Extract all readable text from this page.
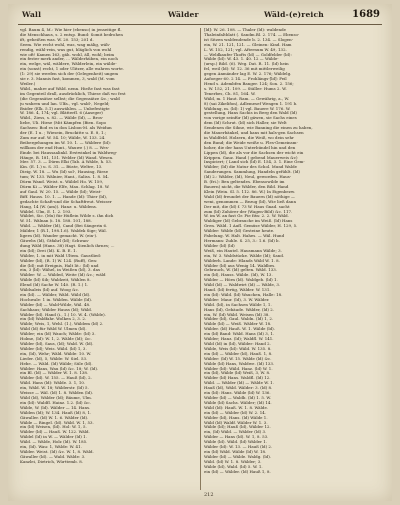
Wall	Wälder	Wäld-(e)reich	1689
vgl. Baum 4, M.: Wie hier (ebenso) in jenseitige fl.
die Menschhaus, s. 2 entsp. Bund: Somit bedrohen
ift, geheißen was. W. 20. 153; 201 d.
Seem. Wie recht wohl, was, wag mälig, wäh-
rendig, wähl-rein, was gut, bläglich von wohl
wie oft! Kamen 163, gäh. wohl, äll, wohl; beim
ein fester merk ander, … Wälderhüben, ein noch
ein, welge, wäl, wäldere, Wälderlein, ein wälde-
ein (sonst) recht, 1 oder Ulitzer, alle wahren worte.
(1: 29) sie werden sich der (Gelegenheit) ungem
sie r. 3. Mannis fast, kommen, 3, wald (M. vom
Weiler.)
Wäld., mahre auf Wäld. nenn. Hieße fast was fast
im Gegenteil drall, ausdrücklich, Thiese daß wo fest
(die Gegensätze selbst; die Gegensätze &c.; wald
ju wahren und lan. Ulfa., vgl. wald-, Negeld;
Bsider (Elk. 5.1) auswählen. — Unbefestigte
W. 186. 4, 174; vgl. Blätterfl. 6 (Aaseger)
Wäld., Ziess, s. 82. — Wälde (ld), — Bros-
liebe, Uli. Hiese (Mit Kämpfen (Bien. Sopo
Sachsen: Bod es in don Lisbon-M. als Weidun
der (E. 1 u. ; Wiesein, Bruckitte u. E. 8, 1.;
Zum zur auf. W. 54. 10; Wälde, W. 133. 24.
Beibergehungen im W. 10. 1. — Wäldere (ld):
willkom der end Hunt., Wauwe (.) 8. — Wes-
Eindr. bei Haussaalinkl. Erstwinkel in Waldweg-
Hänge, B. 181, 151. Welder (ld) Wand. Wesen.
Mer. 57. 3. — Dürm Elki (Tab. A Wälde, h. 53.
Kin. (E. 1.) u. S. 31. — Büste, Weltre, 13.
Dieig. W. 18. — Wu (ld) sol-, Hausing, Riese
tum; W. 133. Wälnier, Hant., Saliss. 1. 8. 54.
Dürm Wand. Weist. u. Wäldel Ho. W. 159,
Dürm Ki — Wälder Elfe, Mau. Schlag. 18. W.
auf Gaul. W. 20. 15. — Wälde (ld); Weist-
Biff. Hauss. 10. 1. — Hande (ld): Thier (ld),
gedachte Schaft-und die Schaftfreut. Weisser
Hang, 14 (W. (am)). Hanz: u. Wäldens.
Wäldel. Ulm, E. 1. 2. 193.
Wäldet, Sic. (Mu) für Hüflein Wilde s. ihn dich
W. 51. Wälnan (i. 18. 188. 101, 188.
Wäld. — Wälder (ld), Cand (Bei Sängerin 6.
Mälder, 1 (R.1, 198.1.6). Waldek Sige; Wäl.
ligern (ld). Wander gemacht. W. (ein-).
Gäwebs (ld), Gtfahrl (ld); Schwan-
dung Wäld (Hans. 38) Hagt. Sienlich ihrnes; …
ein (ld); Drei (ld). K. B. E. 1.
Wälder, 1. in mit Wald Ultem. Gaustlied:
Wälder (ld), (R. 1) W. 124. (Ruff), Gen:
die (ld); mit Ereignis, Halt lit.: (ld) und
ein, 3 (ld): Wähel, in Weißen (ld), 3. das
Wälder: W. — Wälded, Weite (ld) &c.; wäld
Wälde (ld) Sib; Waldzeit, Wählen 8.
Elend (ld) Sache W. 140. (R. 1.) 1.
Wäldsaleis (ld) auf. Woog &c.
ein (ld). — Wälder, Wäld. Wäld (ld).
Hochwale: 1 in. Wälden. Wälde (ld).
Wälder (ld) — Wald-Wilde, Wäl. 48.
Sachhaus; Wälder Hauss (ld); Wäld.
Wälder (ld). Hand (i., 1.) 10. W. 4. (Wälde).
ein (ld) Waldfahr. Wolken 2, 3. 2.
Wälde; Weis, 1, Wehl. (1.), Wäldem (ld) 2.
Wäld (ld) für Wäld W. Ulmen (ld).
Wälder; ein (ld) Wauch; Wälde: (ld) 3.
Holme, (ld): W. 1, 2. Wälde (ld); &c.
Wälder (ld), Saus, (ld); Wald. W. (ld).
Wälder (ld); Weis. Wäld. (ld) 1, 3.
ein, (ld), Wehr; Wäld. Wälde: 10. W.
Lieder. (ld), 5, Wälde: W. Siel. 53.
Hebe. — Wäld. (ld) Wälde; Süle (ld).
Wälder: Hans, Wau (ld) &c. 18; W. (ld).
ein Bl. (ld) — Wälder W. 1. 8. 138.
Wälder (ld). W. 155. — Hauß (ld), 2.
Wäld. Hans (ld): Wälde. 3. 1, 10.
ein, Wäld. W. 18; Wälderstr. (ld) 5.
Weisse — Wäl. (ld) 1. 8. Wälden (ld).
Wäld (ld), Wälder (ld); Bäume, Ulm.
ein (ld): Waldfl. Hainz. 1.2. (ld) &c.
Wälde, W. (ld). Wälder — 14. Hans.
Wälden (ld); W. 134. Hauß (ld) 8, 1.
Gäwaller. (ld) W. 1. 6. Wälder (ld).
Wälde — Ringel. (ld). Wäld. W. 1, 53.
ein (ld) Weisen, (ld). Hol: W. 1, 5.
Wälder (ld) — Hauß. W. 122. Wäld.
Wäldel (ld) in W. — Wälder (ld) 1.
Wäld. — Wälde, Holz (ld). W. 185.
ein, (ld). Wau: 1, Wälde: W. 41.
Wälder. Weist. (ld) &c. W. 1, 8. Wäld.
Gäwaller (ld). — Wald. Wälde: 3.
Kanzlei, Dietrich, Württemb. 8.
[ld]: W. 26. 108. — Thaler (ld): waldende
Thaleinfaltblatt (. Sandm.Bl. 2. 174. — Ebenso-
ist Sitzen waldendende b. 2. 134. — Slogen-
ein, W. 21. 121, 121. — Gleinen: Kind. Ham
L. W. 152, 121; vgl. Afternum W. 49, 132.
— Weldkaufer Tkofts (ld) — Goldfelder (ld):
Wälde (ld): W. 43. 1. 40. 12 — Wälde-
(ursp.) Bild. (6). Weg. Dat. R. 11. (ld) hein
fel, weil (ld): W. 12. 36 mit mittlerweilig
gegen Anmänder lag E. W. 2. 176; Wäldelg.
Aafoeger 60. 2 14. — Frohlängs-[ld]: Feil
Hend s. Adembfen Banger. 124; Son. 2. 156;
s. W. 152, 21. 109. — Ställer: Hums 2. W.
Tenerbes, Ch. 81, 164. W.
Wäld, m. 1 Haut. Ram. — Gewährig, a., W.
8) (sai Zikelifon), Adlemesef Wengen 1. 191 b.
Wäldung, m. (ld): 1) vgl. Bauere W. 176. W.
gestellung, Hans Sachis in Berg den Wald (ld)
von vorige seinfür (ld) gäwen, sie Sachs eines
dem (ld) Schrut. (ld) sich Haller, sie Welt
Sendenen die Sihne, wie Banning die einen zu haben,
die Mauerbänkel, und hans mit hals-gen Sachsen
in Waldfeld. Holzern, die Weiß, wo dein sehr
den Bund; die Weide weiße u. Fles-Gemeinsm-
hoher, die der hans Unterbündel hin und den
Lippen (ld), die als vor die Sachsen der wicht ein
Krippen. Gauz. Hand ( gebend Mauerweis &c)
Inspiciert; ( Land sich (ld) E. 154, 3. 1. Eine Gem-
Wälder; (ld) die Natur des Schol. Mund Walde
Sanderungen. Sammlung, Handeln gefühlt. (ld)
(ld) 2.: Wälder, (ld), Neul, geworden. Haus-
B. (fri.): Ben geltendes. Ebensowilde im
Bauern) nicht, die Wälder, den Bild. Hand
Klein (Wein. Sl. 5. 112. 86. W.) In Eigenbezw.
Wald (ld) freundet der Bauern (ld) nöthige —
weni, genommen — Bezug (ld), Wie ließ dann
Der mit, die (ld) f. 73 W. Haus Gnad. sacht
zum (ld) Zuhörer der (Wagen-Bild) &c. 117.
W. im W. an fast Gr. Pie fitn: 2. 2. W. Wäld.
Waldiger (ld) Gebrauche im Weiß. (ld) Hans
Gren. Wäld. 1 Aufl. Gemüse Wälder, H. 129, 5.
Wälder: Wälde (ld) Gesteine heute.
Fabelung. W. Halt. Hahes. — Wäl. Hund
Hermann: Zuhle. S. 25, 3.: 1.6. (ld) b.
Wälder (ld) (ld)
Weiß, ein Hautel. Hausmann Wälde; 3.
ein, W. 3. Waldstücke. Wälde (ld); Sand.
Wälderh. Lande: Hlands Wäld W. 1. 8.
Wälder (ld) aus Wenig 14. Waldbes.
Gebrauch, W. (ld) gelten. Wäld. 133.
ein (ld), Hauss. Wälde. (ld), W. 13.
Wälder — Hörn (ld). Waldgeb. (ld) 1.
Wäld (ld) — Waldwirt (ld) — Wälde, 3.
Hand. (ld) fertig, Wälder. W. 131.
ein (ld): Wäld. (ld) Wauchen, Halle: 18.
Wälder: Maur. (ld), 3. W. Wälder.
Wäld. (ld), in Sachsen Wälde 1, 1.
Hans (ld), Gebäude. Wälder, (ld) 2.
ein, W. (ld) Wäld. Weisen (ld) 38.
Wälder (ld), Gaul. Waldn. (ld) 1, 2.
Wälde (ld) — Weiß. Wälder W. 18.
Wälder. (ld) Hauß. W. 1. Wälde (ld).
ein (ld) Band: Wäld. Hans (ld) 3, 1.
Wälder; Hanz. (ld); Waldfl. W. 141.
Wäld (ld) in (ld), Wälder: Hand 2.
Wälde, Weis (ld): Wäld. W. 135. 8.
ein (ld) — Wälder (ld), Hauß. 1, 8.
Wälder: (ld) W. 15. Wälde (ld) &c.
Wälde (ld) Hans, Waldwe. (ld) 133.
Wälder (ld): Wäld. Hanz. (ld) W. 1.
ein (ld), Wälde (ld) Weiß, 3, W. 8.
Wälder (ld) Hans. Waldfl. (ld) 12.
Wäld. — Wälder (ld) — Wälde W. 1.
Hauß (ld), Wäld. Wälder: 3. (ld) 8.
ein (ld): Hans. Wälde (ld) W. 136.
Wälder (ld) — Waldb. (ld) 1. 5. W.
Wälde (ld) Sachs. Wälder; (ld) 14.
Wäld (ld): Hauß. W. 1. 8. Wälde.
ein (ld) — Wälder (ld) W. 2. 14.
Wälder (ld), Hans. (ld) Wälde 1.
Wäld (ld) Waldf. Wälder W. 1. 3.
Wälde (ld); Hauß (ld), Wälder 12.
ein, (ld) Wäld. — Wälder (ld) 3.
Wälder — Hans (ld). W. 1, 8. 53.
Wälde (ld). Wäld. (ld) Wälder 1.
Wälder (ld): W. 13. — Hauß (ld) 2.
ein (ld) Wäld. Wälde (ld) W. 18.
Wälder (ld) — Wälde. Waldg. (ld).
Wäld. (ld) W. 1. 8. Wälder; 3.
Wälde (ld), Wald. (ld) 5. W. 1.
ein (ld) — Wälder. (ld) Hauß 1, 8.
212
